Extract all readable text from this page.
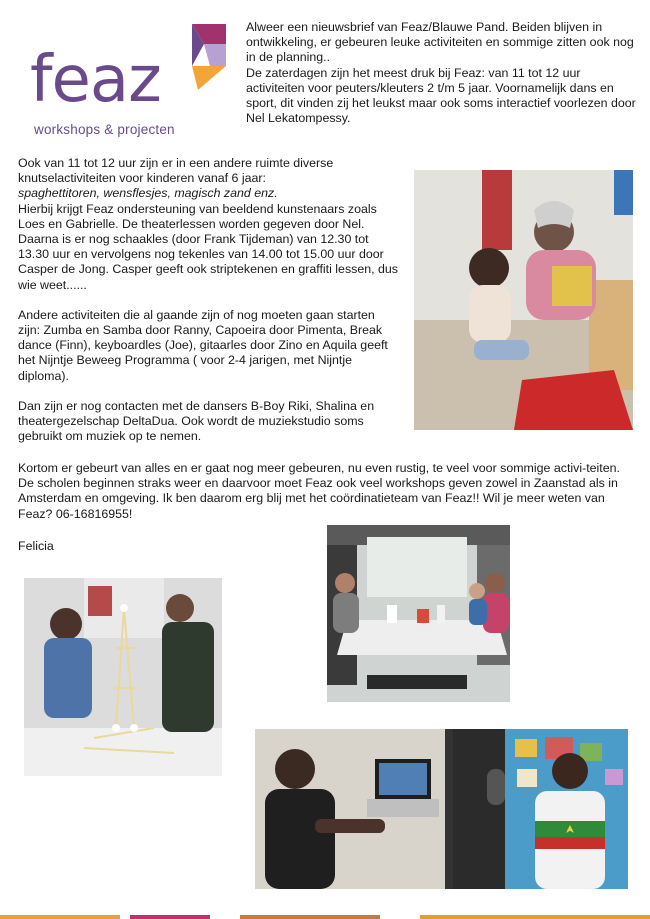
feaz
workshops & projecten

Alweer een nieuwsbrief van Feaz/Blauwe Pand. Beiden blijven in ontwikkeling, er gebeuren leuke activiteiten en sommige zitten ook nog in de planning..

De zaterdagen zijn het meest druk bij Feaz: van 11 tot 12 uur activiteiten voor peuters/kleuters 2 t/m 5 jaar. Voornamelijk dans en sport, dit vinden zij het leukst maar ook soms interactief voorlezen door Nel Lekatompessy.

Ook van 11 tot 12 uur zijn er in een andere ruimte diverse
knutselactiviteiten voor kinderen vanaf 6 jaar:
spaghettitoren, wensflesjes, magisch zand enz.
Hierbij krijgt Feaz ondersteuning van beeldend kunstenaars zoals Loes en Gabrielle. De theaterlessen worden gegeven door Nel.

Daarna is er nog schaakles (door Frank Tijdeman) van 12.30 tot 13.30 uur en vervolgens nog tekenles van 14.00 tot 15.00 uur door Casper de Jong. Casper geeft ook striptekenen en graffiti lessen, dus wie weet......

Andere activiteiten die al gaande zijn of nog moeten gaan starten zijn: Zumba en Samba door Ranny, Capoeira door Pimenta, Break dance (Finn), keyboardles (Joe), gitaarles door Zino en Aquila geeft het Nijntje Beweeg Programma ( voor 2-4 jarigen, met Nijntje diploma).

Dan zijn er nog contacten met de dansers B-Boy Riki, Shalina en theatergezelschap DeltaDua. Ook wordt de muziekstudio soms gebruikt om muziek op te nemen.

Kortom er gebeurt van alles en er gaat nog meer gebeuren, nu even rustig, te veel voor sommige activi-teiten. De scholen beginnen straks weer en daarvoor moet Feaz ook veel workshops geven zowel in Zaanstad als in Amsterdam en omgeving. Ik ben daarom erg blij met het coördinatieteam van Feaz!! Wil je meer weten van Feaz? 06-16816955!

Felicia
